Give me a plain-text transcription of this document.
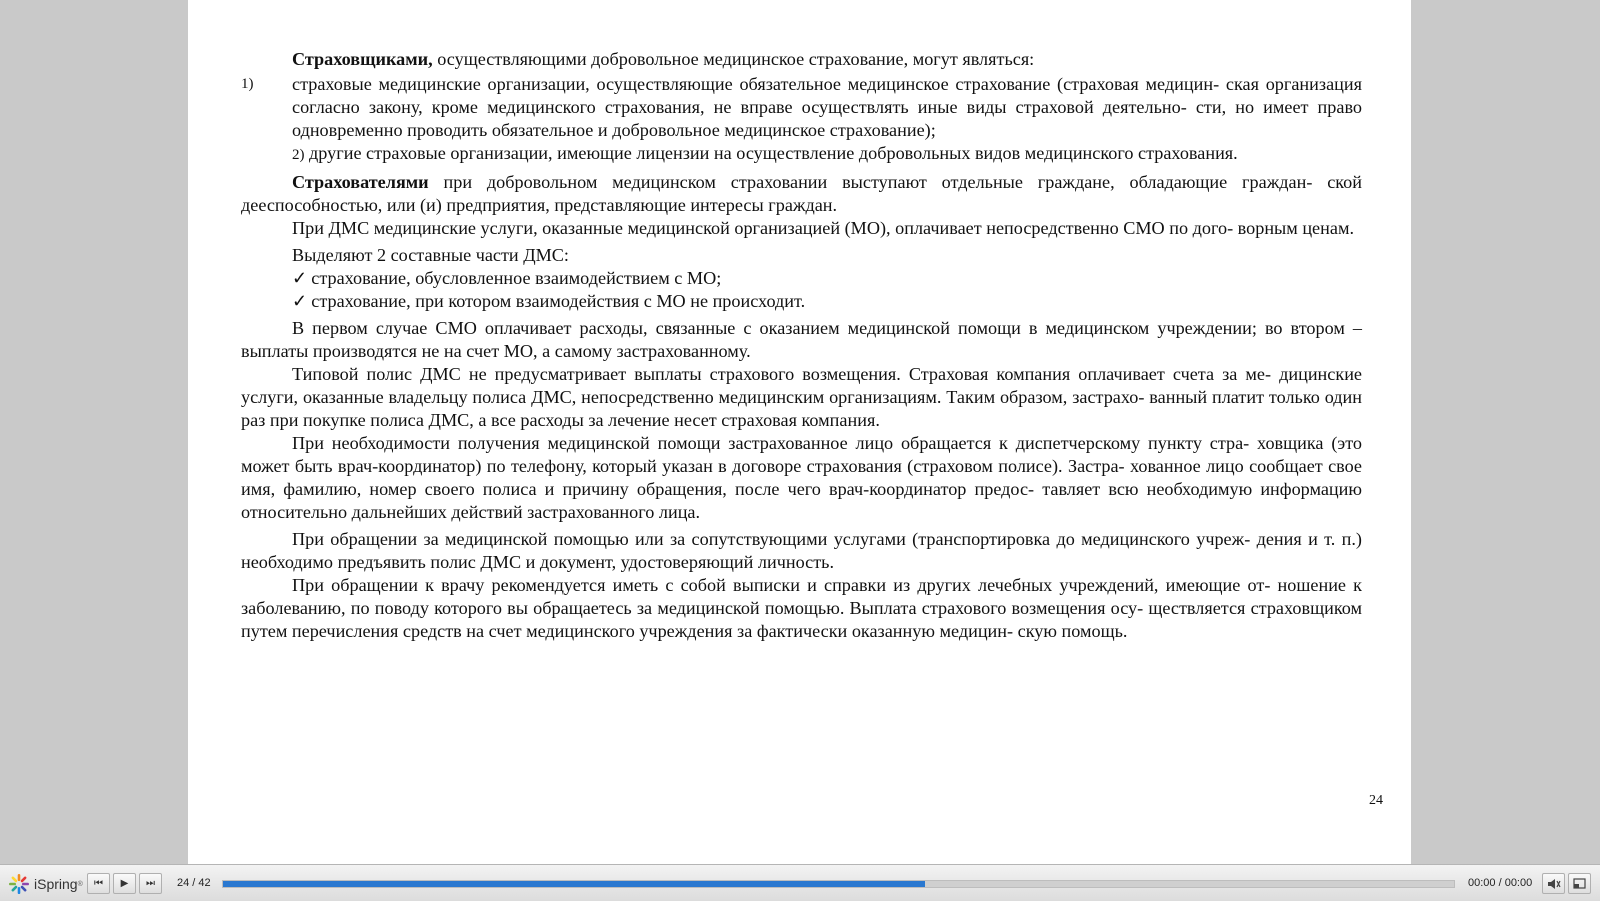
Страховщиками, осуществляющими добровольное медицинское страхование, могут являться:

1)	страховые медицинские организации, осуществляющие обязательное медицинское страхование (страховая медицин- ская организация согласно закону, кроме медицинского страхования, не вправе осуществлять иные виды страховой деятельно- сти, но имеет право одновременно проводить обязательное и добровольное медицинское страхование);

2) другие страховые организации, имеющие лицензии на осуществление добровольных видов медицинского страхования.

Страхователями при добровольном медицинском страховании выступают отдельные граждане, обладающие граждан- ской дееспособностью, или (и) предприятия, представляющие интересы граждан.

При ДМС медицинские услуги, оказанные медицинской организацией (МО), оплачивает непосредственно СМО по дого- ворным ценам.

Выделяют 2 составные части ДМС:

✓ страхование, обусловленное взаимодействием с МО;

✓ страхование, при котором взаимодействия с МО не происходит.

В первом случае СМО оплачивает расходы, связанные с оказанием медицинской помощи в медицинском учреждении; во втором – выплаты производятся не на счет МО, а самому застрахованному.

Типовой полис ДМС не предусматривает выплаты страхового возмещения. Страховая компания оплачивает счета за ме- дицинские услуги, оказанные владельцу полиса ДМС, непосредственно медицинским организациям. Таким образом, застрахо- ванный платит только один раз при покупке полиса ДМС, а все расходы за лечение несет страховая компания.

При необходимости получения медицинской помощи застрахованное лицо обращается к диспетчерскому пункту стра- ховщика (это может быть врач-координатор) по телефону, который указан в договоре страхования (страховом полисе). Застра- хованное лицо сообщает свое имя, фамилию, номер своего полиса и причину обращения, после чего врач-координатор предос- тавляет всю необходимую информацию относительно дальнейших действий застрахованного лица.

При обращении за медицинской помощью или за сопутствующими услугами (транспортировка до медицинского учреж- дения и т. п.) необходимо предъявить полис ДМС и документ, удостоверяющий личность.

При обращении к врачу рекомендуется иметь с собой выписки и справки из других лечебных учреждений, имеющие от- ношение к заболеванию, по поводу которого вы обращаетесь за медицинской помощью. Выплата страхового возмещения осу- ществляется страховщиком путем перечисления средств на счет медицинского учреждения за фактически оказанную медицин- скую помощь.

24
iSpring ® ⏮ ▶ ⏭ 24 / 42	00:00 / 00:00
